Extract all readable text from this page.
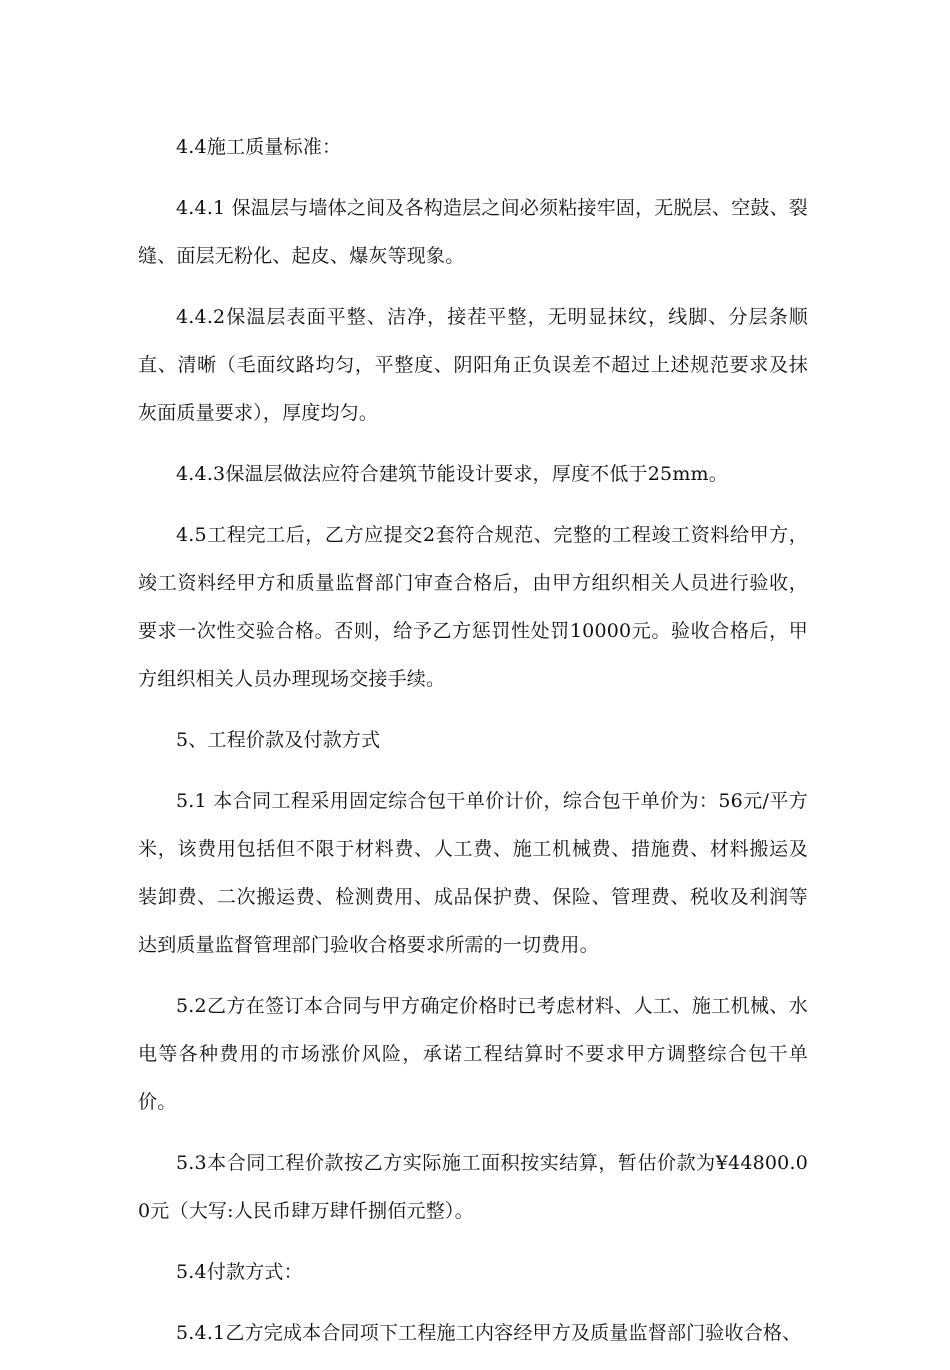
4.4施工质量标准：

4.4.1 保温层与墙体之间及各构造层之间必须粘接牢固，无脱层、空鼓、裂缝、面层无粉化、起皮、爆灰等现象。

4.4.2保温层表面平整、洁净，接茬平整，无明显抹纹，线脚、分层条顺直、清晰（毛面纹路均匀，平整度、阴阳角正负误差不超过上述规范要求及抹灰面质量要求），厚度均匀。

4.4.3保温层做法应符合建筑节能设计要求，厚度不低于25mm。

4.5工程完工后，乙方应提交2套符合规范、完整的工程竣工资料给甲方，竣工资料经甲方和质量监督部门审查合格后，由甲方组织相关人员进行验收，要求一次性交验合格。否则，给予乙方惩罚性处罚10000元。验收合格后，甲方组织相关人员办理现场交接手续。

5、工程价款及付款方式

5.1 本合同工程采用固定综合包干单价计价，综合包干单价为：56元/平方米，该费用包括但不限于材料费、人工费、施工机械费、措施费、材料搬运及装卸费、二次搬运费、检测费用、成品保护费、保险、管理费、税收及利润等达到质量监督管理部门验收合格要求所需的一切费用。

5.2乙方在签订本合同与甲方确定价格时已考虑材料、人工、施工机械、水电等各种费用的市场涨价风险，承诺工程结算时不要求甲方调整综合包干单价。

5.3本合同工程价款按乙方实际施工面积按实结算，暂估价款为¥44800.00元（大写:人民币肆万肆仟捌佰元整）。

5.4付款方式：

5.4.1乙方完成本合同项下工程施工内容经甲方及质量监督部门验收合格、
